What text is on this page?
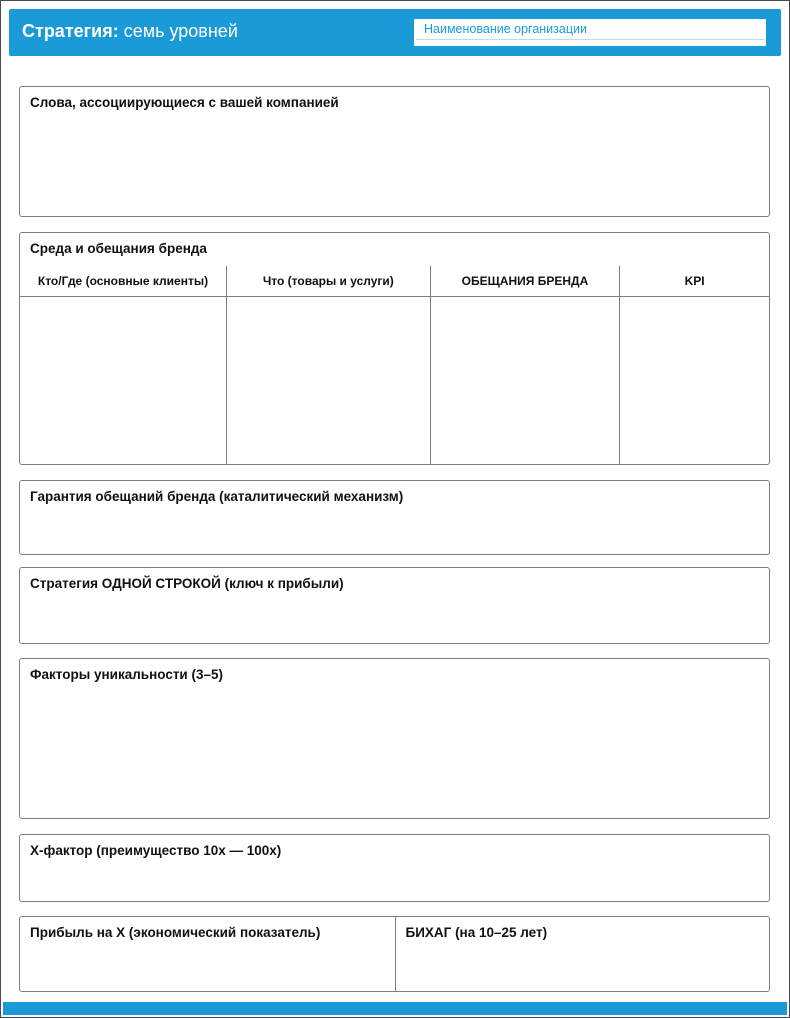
Стратегия: семь уровней	Наименование организации
Слова, ассоциирующиеся с вашей компанией
Среда и обещания бренда
Кто/Где (основные клиенты)	Что (товары и услуги)	ОБЕЩАНИЯ БРЕНДА	KPI
Гарантия обещаний бренда (каталитический механизм)
Стратегия ОДНОЙ СТРОКОЙ (ключ к прибыли)
Факторы уникальности (3–5)
X-фактор (преимущество 10x — 100x)
Прибыль на X (экономический показатель)	БИХАГ (на 10–25 лет)
